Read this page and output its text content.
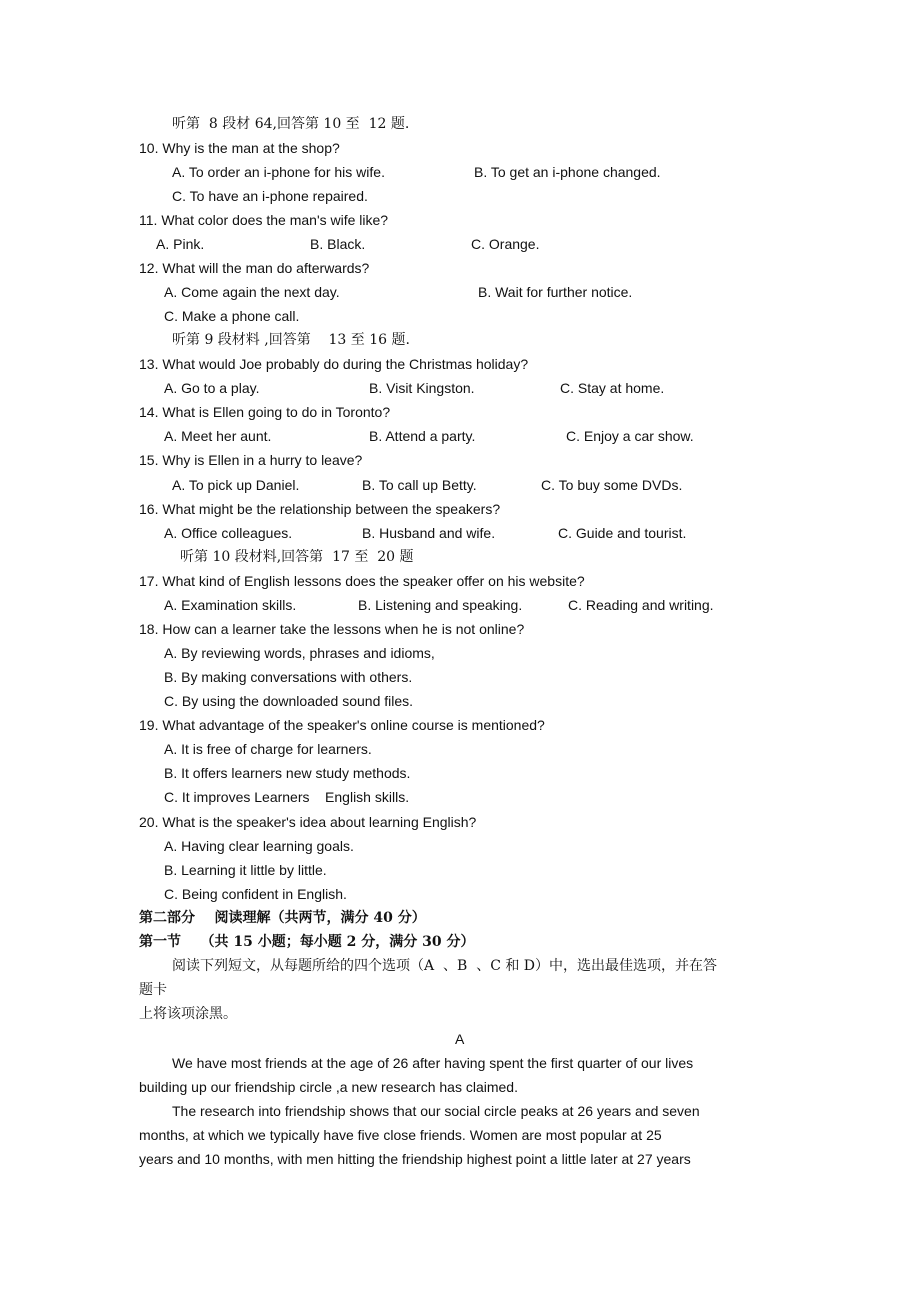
听第  8 段材 64,回答第 10 至  12 题.
10. Why is the man at the shop?
A. To order an i-phone for his wife.	B. To get an i-phone changed.
C. To have an i-phone repaired.
11. What color does the man's wife like?
A. Pink.	B. Black.	C. Orange.
12. What will the man do afterwards?
A. Come again the next day.	B. Wait for further notice.
C. Make a phone call.
听第 9 段材料 ,回答第    13 至 16 题.
13. What would Joe probably do during the Christmas holiday?
A. Go to a play.	B. Visit Kingston.	C. Stay at home.
14. What is Ellen going to do in Toronto?
A. Meet her aunt.	B. Attend a party.	C. Enjoy a car show.
15. Why is Ellen in a hurry to leave?
A. To pick up Daniel.	B. To call up Betty.	C. To buy some DVDs.
16. What might be the relationship between the speakers?
A. Office colleagues.	B. Husband and wife.	C. Guide and tourist.
听第 10 段材料,回答第  17 至  20 题
17. What kind of English lessons does the speaker offer on his website?
A. Examination skills.	B. Listening and speaking.	C. Reading and writing.
18. How can a learner take the lessons when he is not online?
A. By reviewing words, phrases and idioms,
B. By making conversations with others.
C. By using the downloaded sound files.
19. What advantage of the speaker's online course is mentioned?
A. It is free of charge for learners.
B. It offers learners new study methods.
C. It improves Learners    English skills.
20. What is the speaker's idea about learning English?
A. Having clear learning goals.
B. Learning it little by little.
C. Being confident in English.
第二部分    阅读理解（共两节，满分 40 分）
第一节    （共 15 小题；每小题 2 分，满分 30 分）
阅读下列短文，从每题所给的四个选项（A  、B  、C 和 D）中，选出最佳选项，并在答
题卡
上将该项涂黑。
A
We have most friends at the age of 26 after having spent the first quarter of our lives
building up our friendship circle ,a new research has claimed.
The research into friendship shows that our social circle peaks at 26 years and seven
months, at which we typically have five close friends. Women are most popular at 25
years and 10 months, with men hitting the friendship highest point a little later at 27 years
